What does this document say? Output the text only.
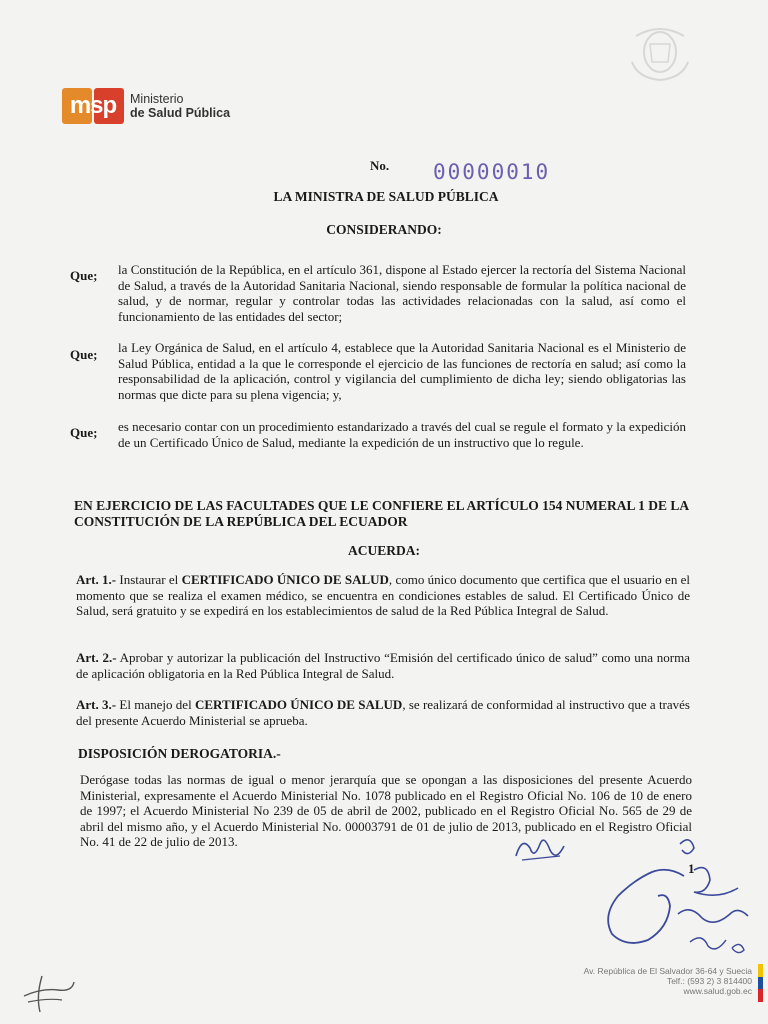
msp	Ministerio
de Salud Pública
No. 00000010
LA MINISTRA DE SALUD PÚBLICA
CONSIDERANDO:
Que; la Constitución de la República, en el artículo 361, dispone al Estado ejercer la rectoría del Sistema Nacional de Salud, a través de la Autoridad Sanitaria Nacional, siendo responsable de formular la política nacional de salud, y de normar, regular y controlar todas las actividades relacionadas con la salud, así como el funcionamiento de las entidades del sector;
Que; la Ley Orgánica de Salud, en el artículo 4, establece que la Autoridad Sanitaria Nacional es el Ministerio de Salud Pública, entidad a la que le corresponde el ejercicio de las funciones de rectoría en salud; así como la responsabilidad de la aplicación, control y vigilancia del cumplimiento de dicha ley; siendo obligatorias las normas que dicte para su plena vigencia; y,
Que; es necesario contar con un procedimiento estandarizado a través del cual se regule el formato y la expedición de un Certificado Único de Salud, mediante la expedición de un instructivo que lo regule.
EN EJERCICIO DE LAS FACULTADES QUE LE CONFIERE EL ARTÍCULO 154 NUMERAL 1 DE LA CONSTITUCIÓN DE LA REPÚBLICA DEL ECUADOR
ACUERDA:
Art. 1.- Instaurar el CERTIFICADO ÚNICO DE SALUD, como único documento que certifica que el usuario en el momento que se realiza el examen médico, se encuentra en condiciones estables de salud. El Certificado Único de Salud, será gratuito y se expedirá en los establecimientos de salud de la Red Pública Integral de Salud.
Art. 2.- Aprobar y autorizar la publicación del Instructivo “Emisión del certificado único de salud” como una norma de aplicación obligatoria en la Red Pública Integral de Salud.
Art. 3.- El manejo del CERTIFICADO ÚNICO DE SALUD, se realizará de conformidad al instructivo que a través del presente Acuerdo Ministerial se aprueba.
DISPOSICIÓN DEROGATORIA.-
Derógase todas las normas de igual o menor jerarquía que se opongan a las disposiciones del presente Acuerdo Ministerial, expresamente el Acuerdo Ministerial No. 1078 publicado en el Registro Oficial No. 106 de 10 de enero de 1997; el Acuerdo Ministerial No 239 de 05 de abril de 2002, publicado en el Registro Oficial No. 565 de 29 de abril del mismo año, y el Acuerdo Ministerial No. 00003791 de 01 de julio de 2013, publicado en el Registro Oficial No. 41 de 22 de julio de 2013.
1
Av. República de El Salvador 36-64 y Suecia
Telf.: (593 2) 3 814400
www.salud.gob.ec
